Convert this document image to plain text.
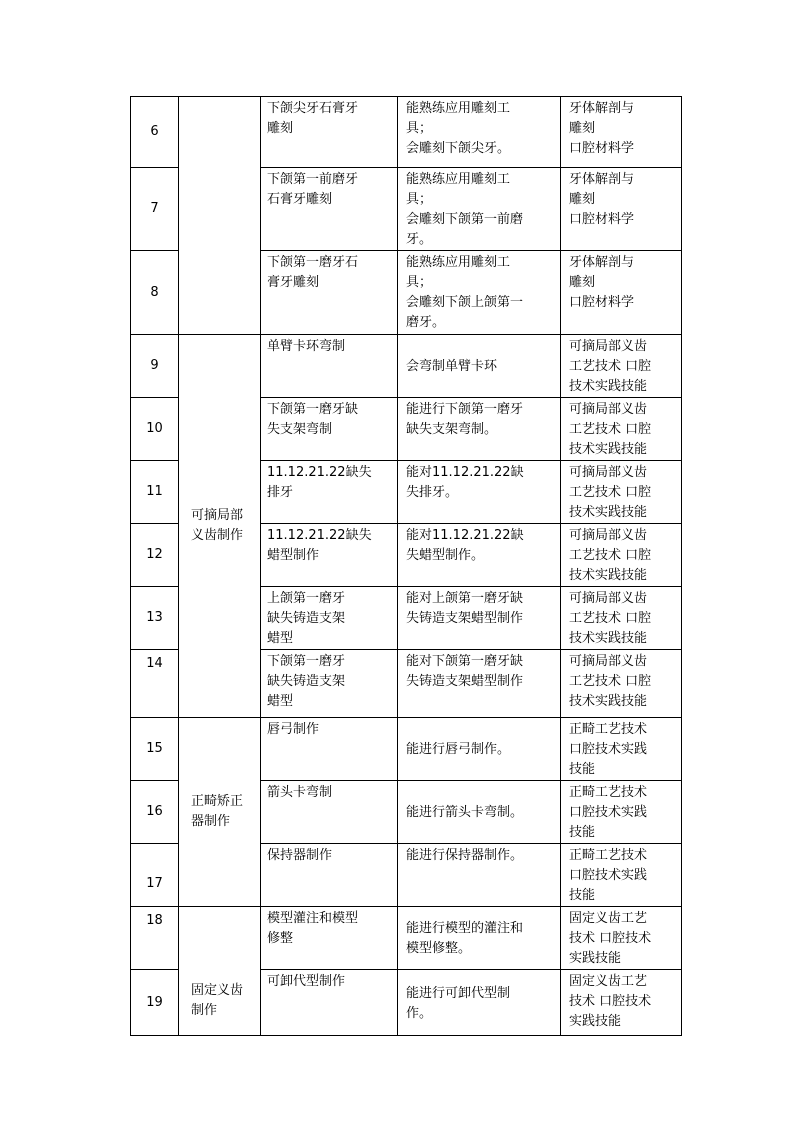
6		下颌尖牙石膏牙
雕刻	能熟练应用雕刻工
具；
会雕刻下颌尖牙。	牙体解剖与
雕刻
口腔材料学

7		下颌第一前磨牙
石膏牙雕刻	能熟练应用雕刻工
具；
会雕刻下颌第一前磨
牙。	牙体解剖与
雕刻
口腔材料学

8		下颌第一磨牙石
膏牙雕刻	能熟练应用雕刻工
具；
会雕刻下颌上颌第一
磨牙。	牙体解剖与
雕刻
口腔材料学

9	可摘局部
义齿制作	单臂卡环弯制	会弯制单臂卡环	可摘局部义齿
工艺技术 口腔
技术实践技能

10		下颌第一磨牙缺
失支架弯制	能进行下颌第一磨牙
缺失支架弯制。	可摘局部义齿
工艺技术 口腔
技术实践技能

11		11.12.21.22缺失
排牙	能对11.12.21.22缺
失排牙。	可摘局部义齿
工艺技术 口腔
技术实践技能

12		11.12.21.22缺失
蜡型制作	能对11.12.21.22缺
失蜡型制作。	可摘局部义齿
工艺技术 口腔
技术实践技能

13		上颌第一磨牙
缺失铸造支架
蜡型	能对上颌第一磨牙缺
失铸造支架蜡型制作	可摘局部义齿
工艺技术 口腔
技术实践技能

14		下颌第一磨牙
缺失铸造支架
蜡型	能对下颌第一磨牙缺
失铸造支架蜡型制作	可摘局部义齿
工艺技术 口腔
技术实践技能

15	正畸矫正
器制作	唇弓制作	能进行唇弓制作。	正畸工艺技术
口腔技术实践
技能

16		箭头卡弯制	能进行箭头卡弯制。	正畸工艺技术
口腔技术实践
技能

17		保持器制作	能进行保持器制作。	正畸工艺技术
口腔技术实践
技能

18	固定义齿
制作	模型灌注和模型
修整	能进行模型的灌注和
模型修整。	固定义齿工艺
技术 口腔技术
实践技能

19		可卸代型制作	能进行可卸代型制
作。	固定义齿工艺
技术 口腔技术
实践技能
